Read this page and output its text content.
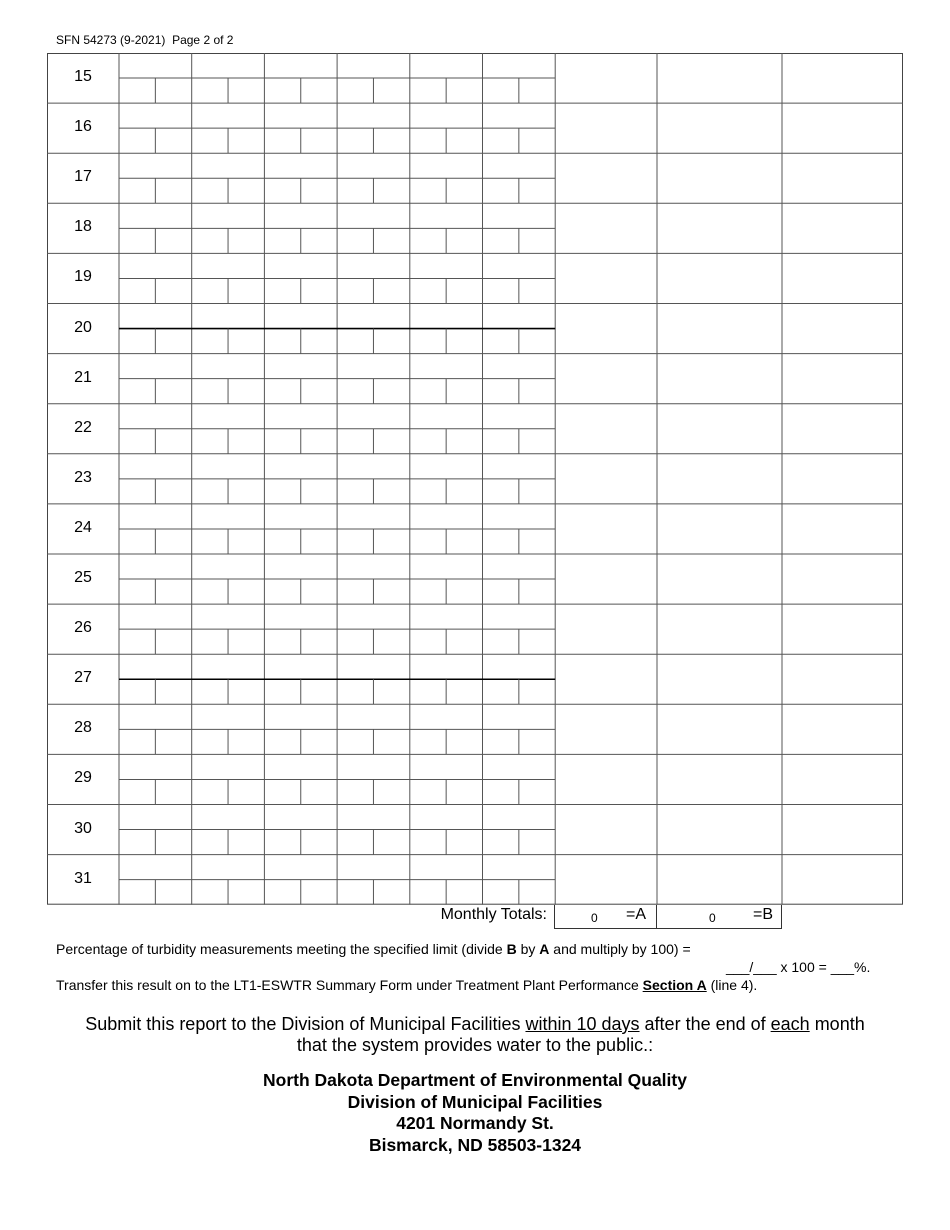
SFN 54273 (9-2021) Page 2 of 2
15
16
17
18
19
20
21
22
23
24
25
26
27
28
29
30
31
Monthly Totals:	0 =A	0 =B
Percentage of turbidity measurements meeting the specified limit (divide B by A and multiply by 100) =
___/___ x 100 = ___%.
Transfer this result on to the LT1-ESWTR Summary Form under Treatment Plant Performance Section A (line 4).
Submit this report to the Division of Municipal Facilities within 10 days after the end of each month
that the system provides water to the public.:
North Dakota Department of Environmental Quality
Division of Municipal Facilities
4201 Normandy St.
Bismarck, ND 58503-1324
